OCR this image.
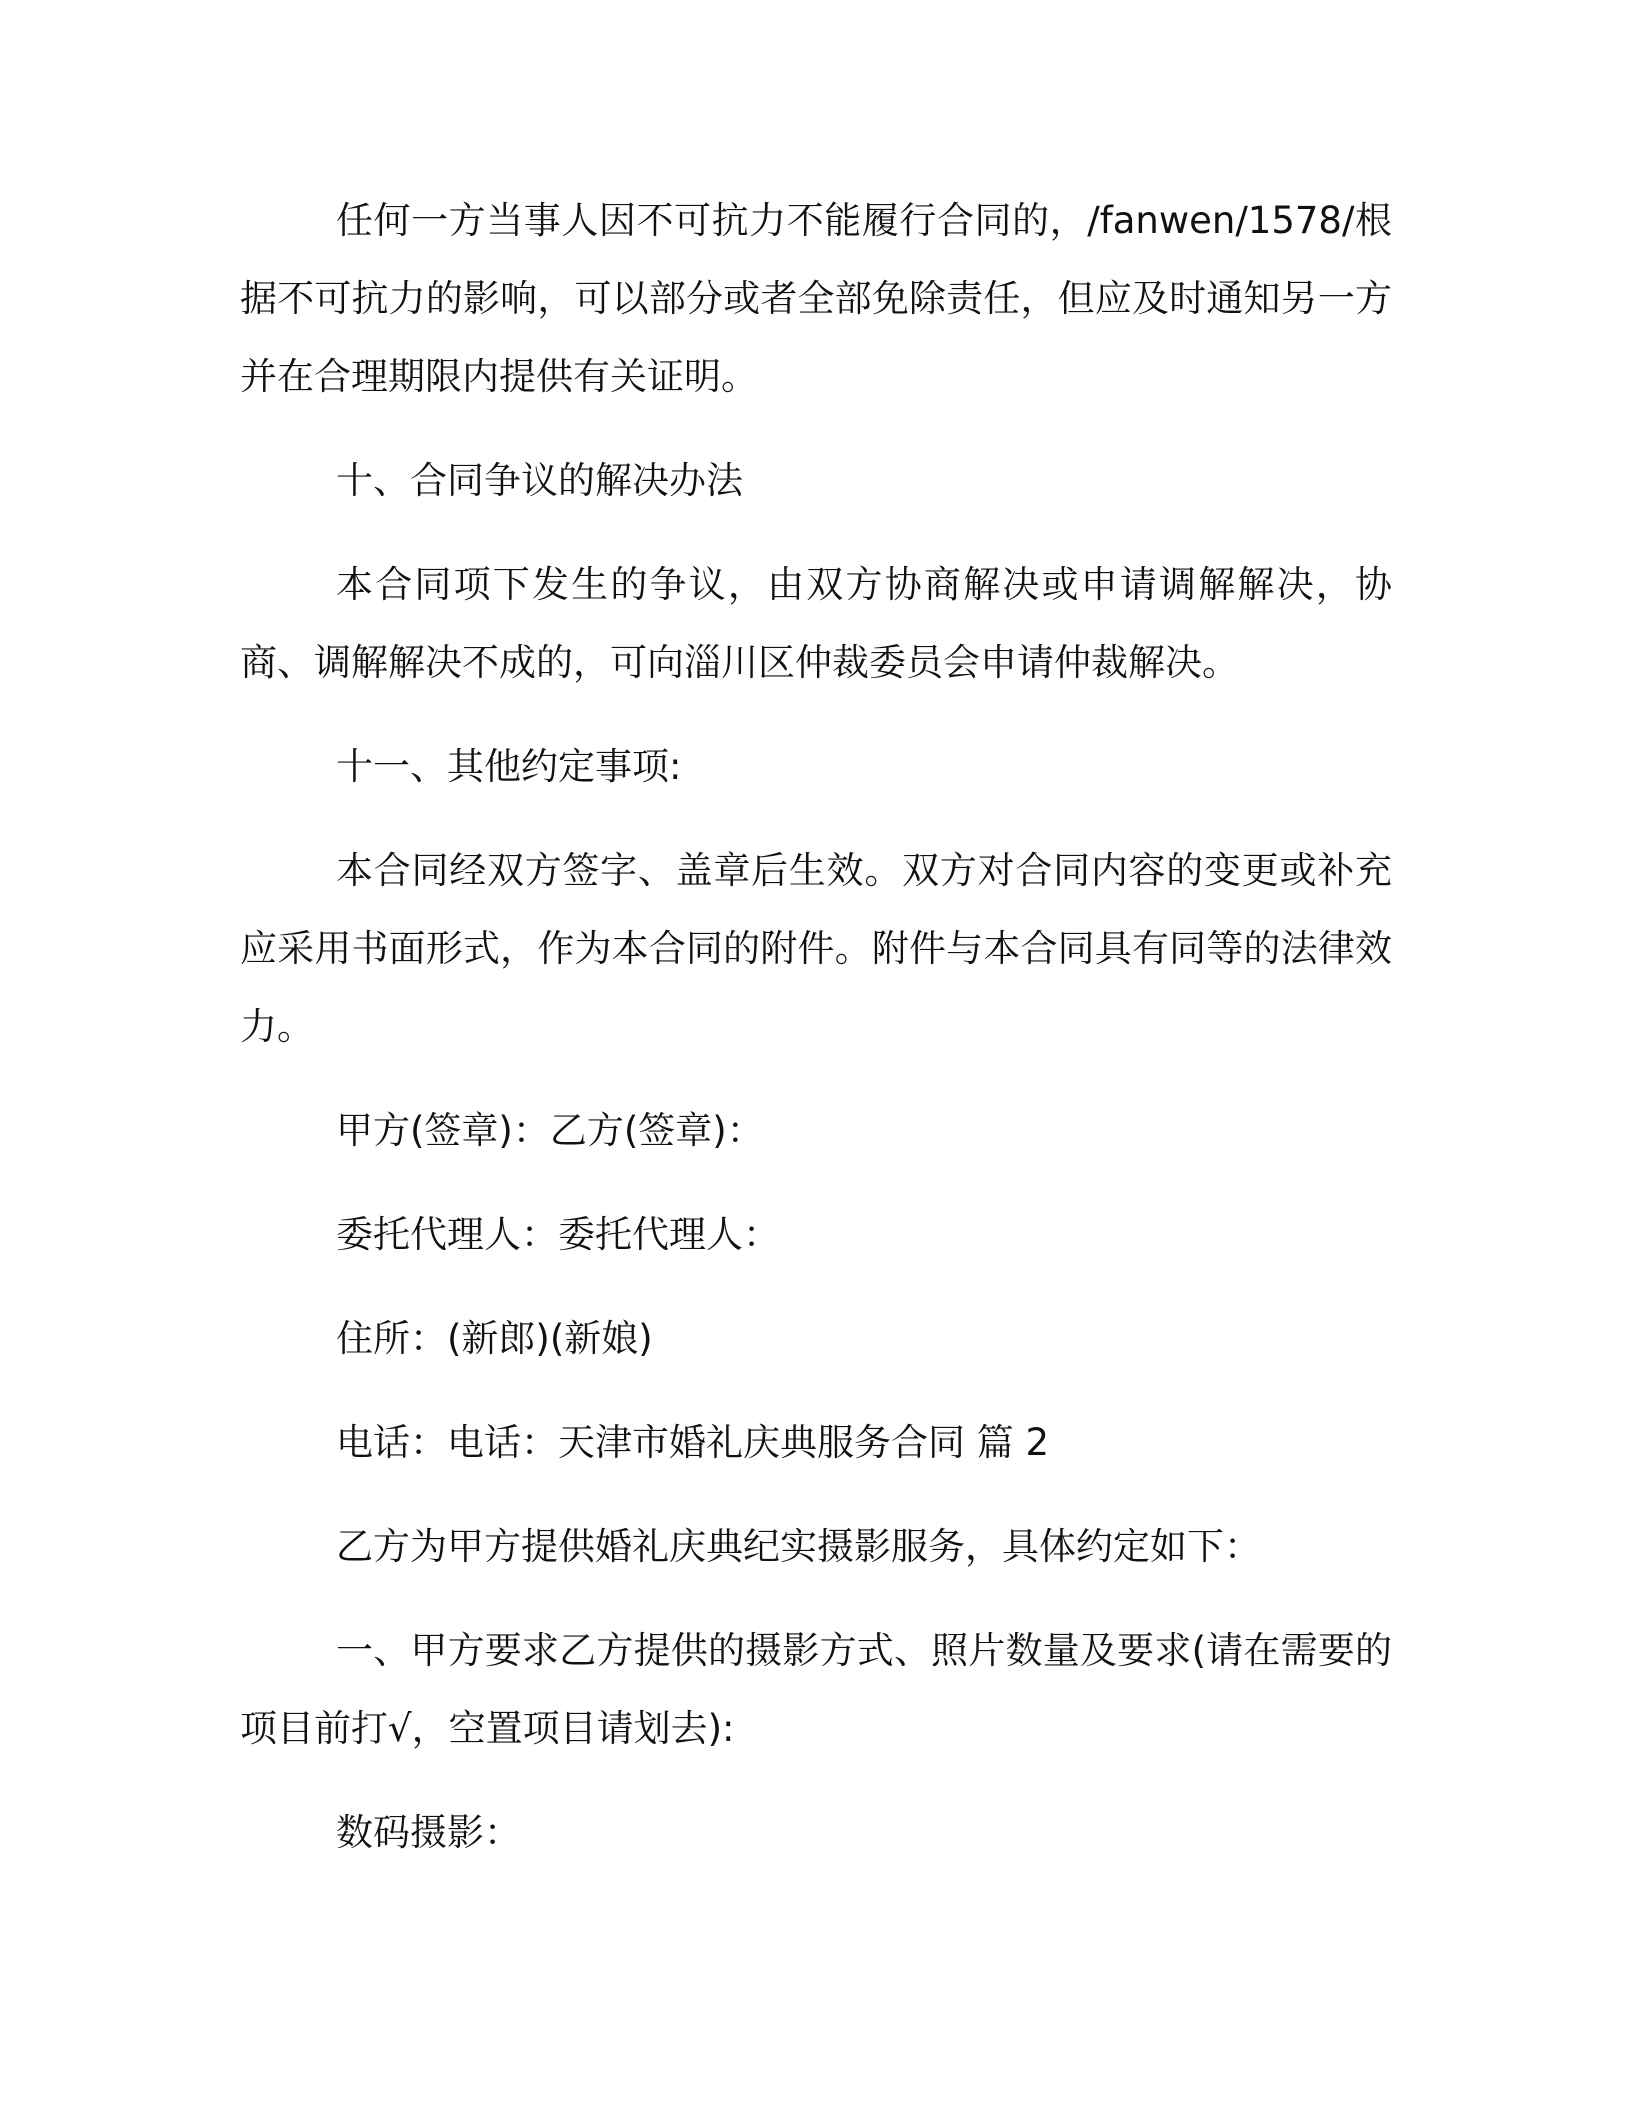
任何一方当事人因不可抗力不能履行合同的，/fanwen/1578/根据不可抗力的影响，可以部分或者全部免除责任，但应及时通知另一方并在合理期限内提供有关证明。

十、合同争议的解决办法

本合同项下发生的争议，由双方协商解决或申请调解解决，协商、调解解决不成的，可向淄川区仲裁委员会申请仲裁解决。

十一、其他约定事项:

本合同经双方签字、盖章后生效。双方对合同内容的变更或补充应采用书面形式，作为本合同的附件。附件与本合同具有同等的法律效力。

甲方(签章)：乙方(签章)：

委托代理人：委托代理人：

住所：(新郎)(新娘)

电话：电话：天津市婚礼庆典服务合同 篇 2

乙方为甲方提供婚礼庆典纪实摄影服务，具体约定如下：

一、甲方要求乙方提供的摄影方式、照片数量及要求(请在需要的项目前打√，空置项目请划去):

数码摄影：
